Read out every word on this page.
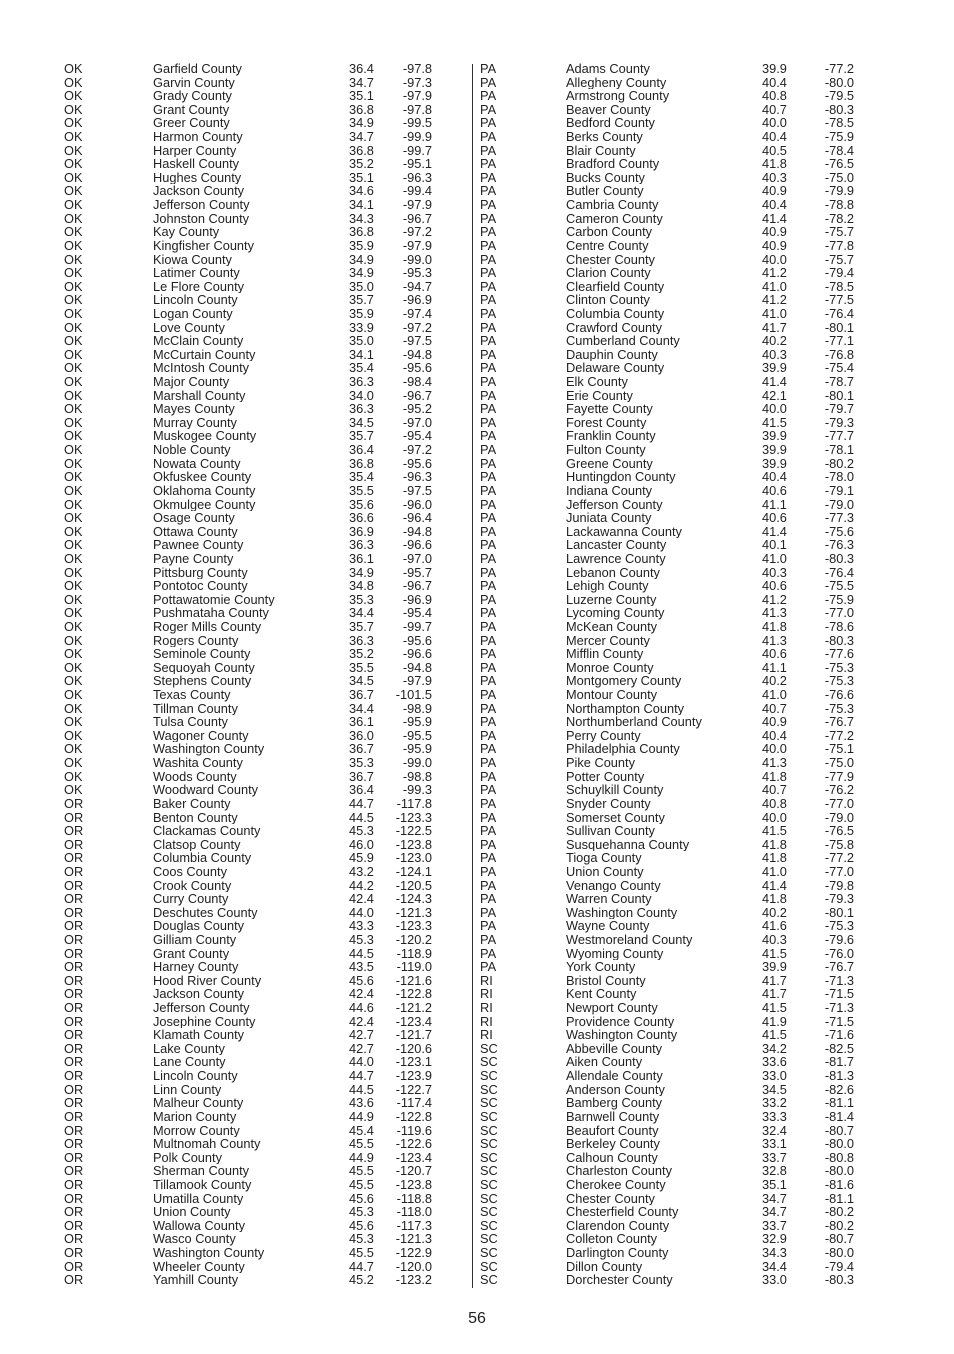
OK	Garfield County	36.4	-97.8
OK	Garvin County	34.7	-97.3
OK	Grady County	35.1	-97.9
OK	Grant County	36.8	-97.8
OK	Greer County	34.9	-99.5
OK	Harmon County	34.7	-99.9
OK	Harper County	36.8	-99.7
OK	Haskell County	35.2	-95.1
OK	Hughes County	35.1	-96.3
OK	Jackson County	34.6	-99.4
OK	Jefferson County	34.1	-97.9
OK	Johnston County	34.3	-96.7
OK	Kay County	36.8	-97.2
OK	Kingfisher County	35.9	-97.9
OK	Kiowa County	34.9	-99.0
OK	Latimer County	34.9	-95.3
OK	Le Flore County	35.0	-94.7
OK	Lincoln County	35.7	-96.9
OK	Logan County	35.9	-97.4
OK	Love County	33.9	-97.2
OK	McClain County	35.0	-97.5
OK	McCurtain County	34.1	-94.8
OK	McIntosh County	35.4	-95.6
OK	Major County	36.3	-98.4
OK	Marshall County	34.0	-96.7
OK	Mayes County	36.3	-95.2
OK	Murray County	34.5	-97.0
OK	Muskogee County	35.7	-95.4
OK	Noble County	36.4	-97.2
OK	Nowata County	36.8	-95.6
OK	Okfuskee County	35.4	-96.3
OK	Oklahoma County	35.5	-97.5
OK	Okmulgee County	35.6	-96.0
OK	Osage County	36.6	-96.4
OK	Ottawa County	36.9	-94.8
OK	Pawnee County	36.3	-96.6
OK	Payne County	36.1	-97.0
OK	Pittsburg County	34.9	-95.7
OK	Pontotoc County	34.8	-96.7
OK	Pottawatomie County	35.3	-96.9
OK	Pushmataha County	34.4	-95.4
OK	Roger Mills County	35.7	-99.7
OK	Rogers County	36.3	-95.6
OK	Seminole County	35.2	-96.6
OK	Sequoyah County	35.5	-94.8
OK	Stephens County	34.5	-97.9
OK	Texas County	36.7	-101.5
OK	Tillman County	34.4	-98.9
OK	Tulsa County	36.1	-95.9
OK	Wagoner County	36.0	-95.5
OK	Washington County	36.7	-95.9
OK	Washita County	35.3	-99.0
OK	Woods County	36.7	-98.8
OK	Woodward County	36.4	-99.3
OR	Baker County	44.7	-117.8
OR	Benton County	44.5	-123.3
OR	Clackamas County	45.3	-122.5
OR	Clatsop County	46.0	-123.8
OR	Columbia County	45.9	-123.0
OR	Coos County	43.2	-124.1
OR	Crook County	44.2	-120.5
OR	Curry County	42.4	-124.3
OR	Deschutes County	44.0	-121.3
OR	Douglas County	43.3	-123.3
OR	Gilliam County	45.3	-120.2
OR	Grant County	44.5	-118.9
OR	Harney County	43.5	-119.0
OR	Hood River County	45.6	-121.6
OR	Jackson County	42.4	-122.8
OR	Jefferson County	44.6	-121.2
OR	Josephine County	42.4	-123.4
OR	Klamath County	42.7	-121.7
OR	Lake County	42.7	-120.6
OR	Lane County	44.0	-123.1
OR	Lincoln County	44.7	-123.9
OR	Linn County	44.5	-122.7
OR	Malheur County	43.6	-117.4
OR	Marion County	44.9	-122.8
OR	Morrow County	45.4	-119.6
OR	Multnomah County	45.5	-122.6
OR	Polk County	44.9	-123.4
OR	Sherman County	45.5	-120.7
OR	Tillamook County	45.5	-123.8
OR	Umatilla County	45.6	-118.8
OR	Union County	45.3	-118.0
OR	Wallowa County	45.6	-117.3
OR	Wasco County	45.3	-121.3
OR	Washington County	45.5	-122.9
OR	Wheeler County	44.7	-120.0
OR	Yamhill County	45.2	-123.2
PA	Adams County	39.9	-77.2
PA	Allegheny County	40.4	-80.0
PA	Armstrong County	40.8	-79.5
PA	Beaver County	40.7	-80.3
PA	Bedford County	40.0	-78.5
PA	Berks County	40.4	-75.9
PA	Blair County	40.5	-78.4
PA	Bradford County	41.8	-76.5
PA	Bucks County	40.3	-75.0
PA	Butler County	40.9	-79.9
PA	Cambria County	40.4	-78.8
PA	Cameron County	41.4	-78.2
PA	Carbon County	40.9	-75.7
PA	Centre County	40.9	-77.8
PA	Chester County	40.0	-75.7
PA	Clarion County	41.2	-79.4
PA	Clearfield County	41.0	-78.5
PA	Clinton County	41.2	-77.5
PA	Columbia County	41.0	-76.4
PA	Crawford County	41.7	-80.1
PA	Cumberland County	40.2	-77.1
PA	Dauphin County	40.3	-76.8
PA	Delaware County	39.9	-75.4
PA	Elk County	41.4	-78.7
PA	Erie County	42.1	-80.1
PA	Fayette County	40.0	-79.7
PA	Forest County	41.5	-79.3
PA	Franklin County	39.9	-77.7
PA	Fulton County	39.9	-78.1
PA	Greene County	39.9	-80.2
PA	Huntingdon County	40.4	-78.0
PA	Indiana County	40.6	-79.1
PA	Jefferson County	41.1	-79.0
PA	Juniata County	40.6	-77.3
PA	Lackawanna County	41.4	-75.6
PA	Lancaster County	40.1	-76.3
PA	Lawrence County	41.0	-80.3
PA	Lebanon County	40.3	-76.4
PA	Lehigh County	40.6	-75.5
PA	Luzerne County	41.2	-75.9
PA	Lycoming County	41.3	-77.0
PA	McKean County	41.8	-78.6
PA	Mercer County	41.3	-80.3
PA	Mifflin County	40.6	-77.6
PA	Monroe County	41.1	-75.3
PA	Montgomery County	40.2	-75.3
PA	Montour County	41.0	-76.6
PA	Northampton County	40.7	-75.3
PA	Northumberland County	40.9	-76.7
PA	Perry County	40.4	-77.2
PA	Philadelphia County	40.0	-75.1
PA	Pike County	41.3	-75.0
PA	Potter County	41.8	-77.9
PA	Schuylkill County	40.7	-76.2
PA	Snyder County	40.8	-77.0
PA	Somerset County	40.0	-79.0
PA	Sullivan County	41.5	-76.5
PA	Susquehanna County	41.8	-75.8
PA	Tioga County	41.8	-77.2
PA	Union County	41.0	-77.0
PA	Venango County	41.4	-79.8
PA	Warren County	41.8	-79.3
PA	Washington County	40.2	-80.1
PA	Wayne County	41.6	-75.3
PA	Westmoreland County	40.3	-79.6
PA	Wyoming County	41.5	-76.0
PA	York County	39.9	-76.7
RI	Bristol County	41.7	-71.3
RI	Kent County	41.7	-71.5
RI	Newport County	41.5	-71.3
RI	Providence County	41.9	-71.5
RI	Washington County	41.5	-71.6
SC	Abbeville County	34.2	-82.5
SC	Aiken County	33.6	-81.7
SC	Allendale County	33.0	-81.3
SC	Anderson County	34.5	-82.6
SC	Bamberg County	33.2	-81.1
SC	Barnwell County	33.3	-81.4
SC	Beaufort County	32.4	-80.7
SC	Berkeley County	33.1	-80.0
SC	Calhoun County	33.7	-80.8
SC	Charleston County	32.8	-80.0
SC	Cherokee County	35.1	-81.6
SC	Chester County	34.7	-81.1
SC	Chesterfield County	34.7	-80.2
SC	Clarendon County	33.7	-80.2
SC	Colleton County	32.9	-80.7
SC	Darlington County	34.3	-80.0
SC	Dillon County	34.4	-79.4
SC	Dorchester County	33.0	-80.3
56
